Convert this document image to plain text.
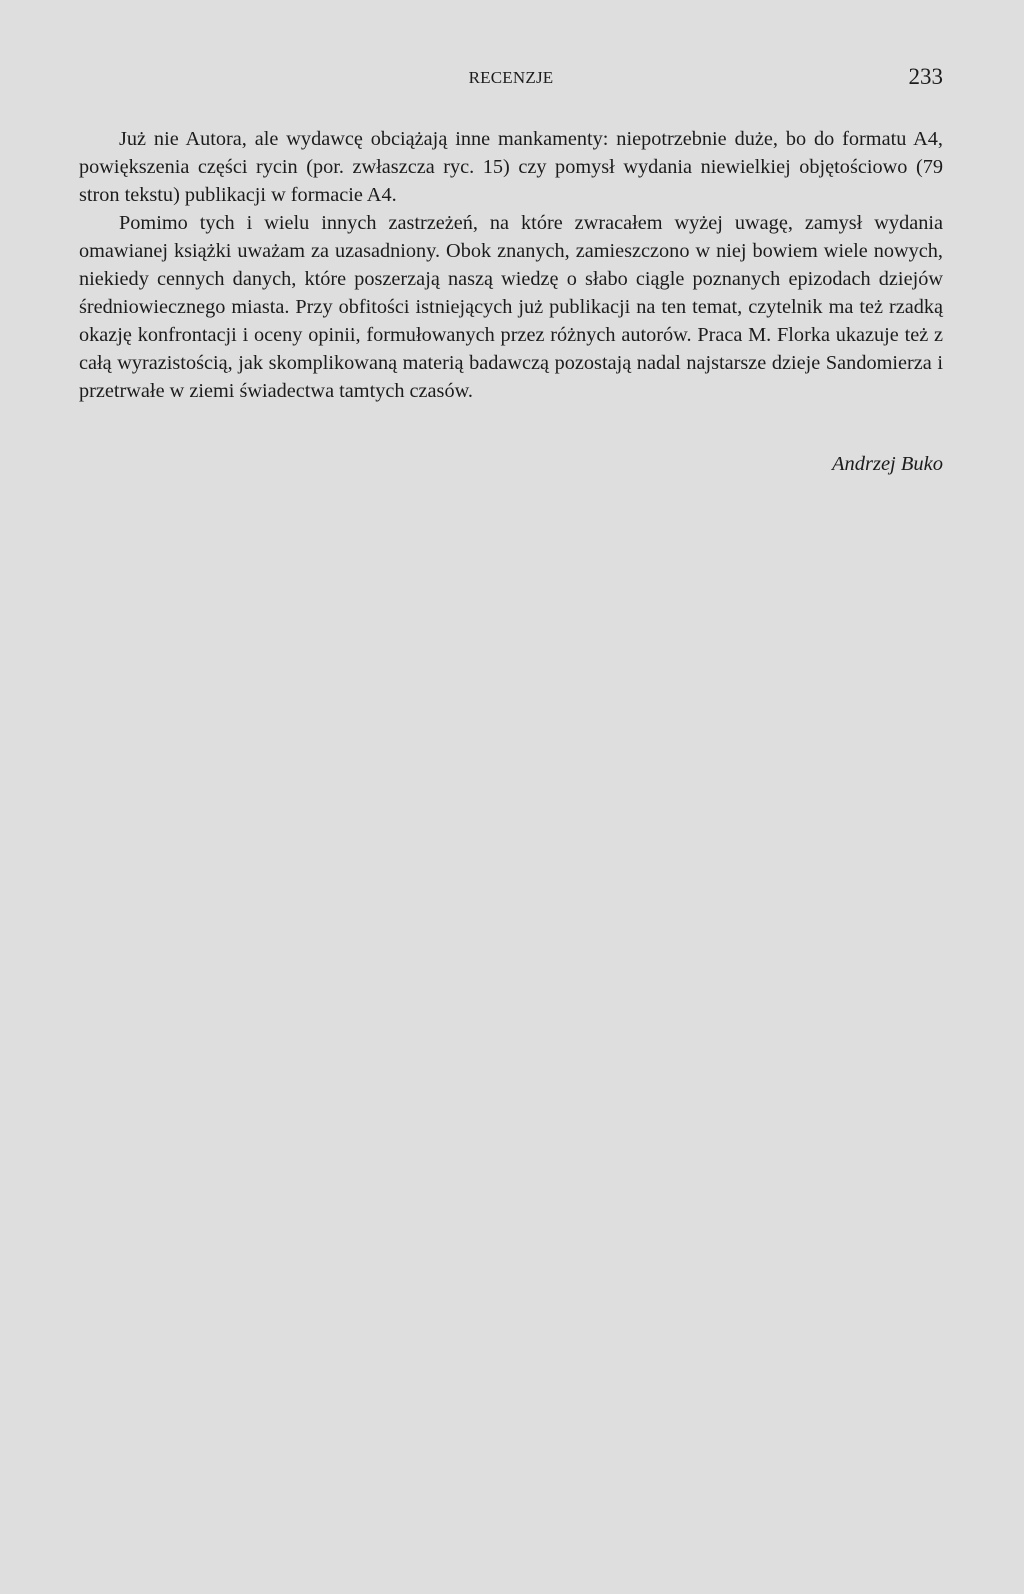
RECENZJE	233

Już nie Autora, ale wydawcę obciążają inne mankamenty: niepotrzebnie duże, bo do formatu A4, powiększenia części rycin (por. zwłaszcza ryc. 15) czy pomysł wydania niewielkiej objętościowo (79 stron tekstu) publikacji w formacie A4.

Pomimo tych i wielu innych zastrzeżeń, na które zwracałem wyżej uwagę, zamysł wydania omawianej książki uważam za uzasadniony. Obok znanych, zamieszczono w niej bowiem wiele nowych, niekiedy cennych danych, które poszerzają naszą wiedzę o słabo ciągle poznanych epizodach dziejów średniowiecznego miasta. Przy obfitości istniejących już publikacji na ten temat, czytelnik ma też rzadką okazję konfrontacji i oceny opinii, formułowanych przez różnych autorów. Praca M. Florka ukazuje też z całą wyrazistością, jak skomplikowaną materią badawczą pozostają nadal najstarsze dzieje Sandomierza i przetrwałe w ziemi świadectwa tamtych czasów.

Andrzej Buko
